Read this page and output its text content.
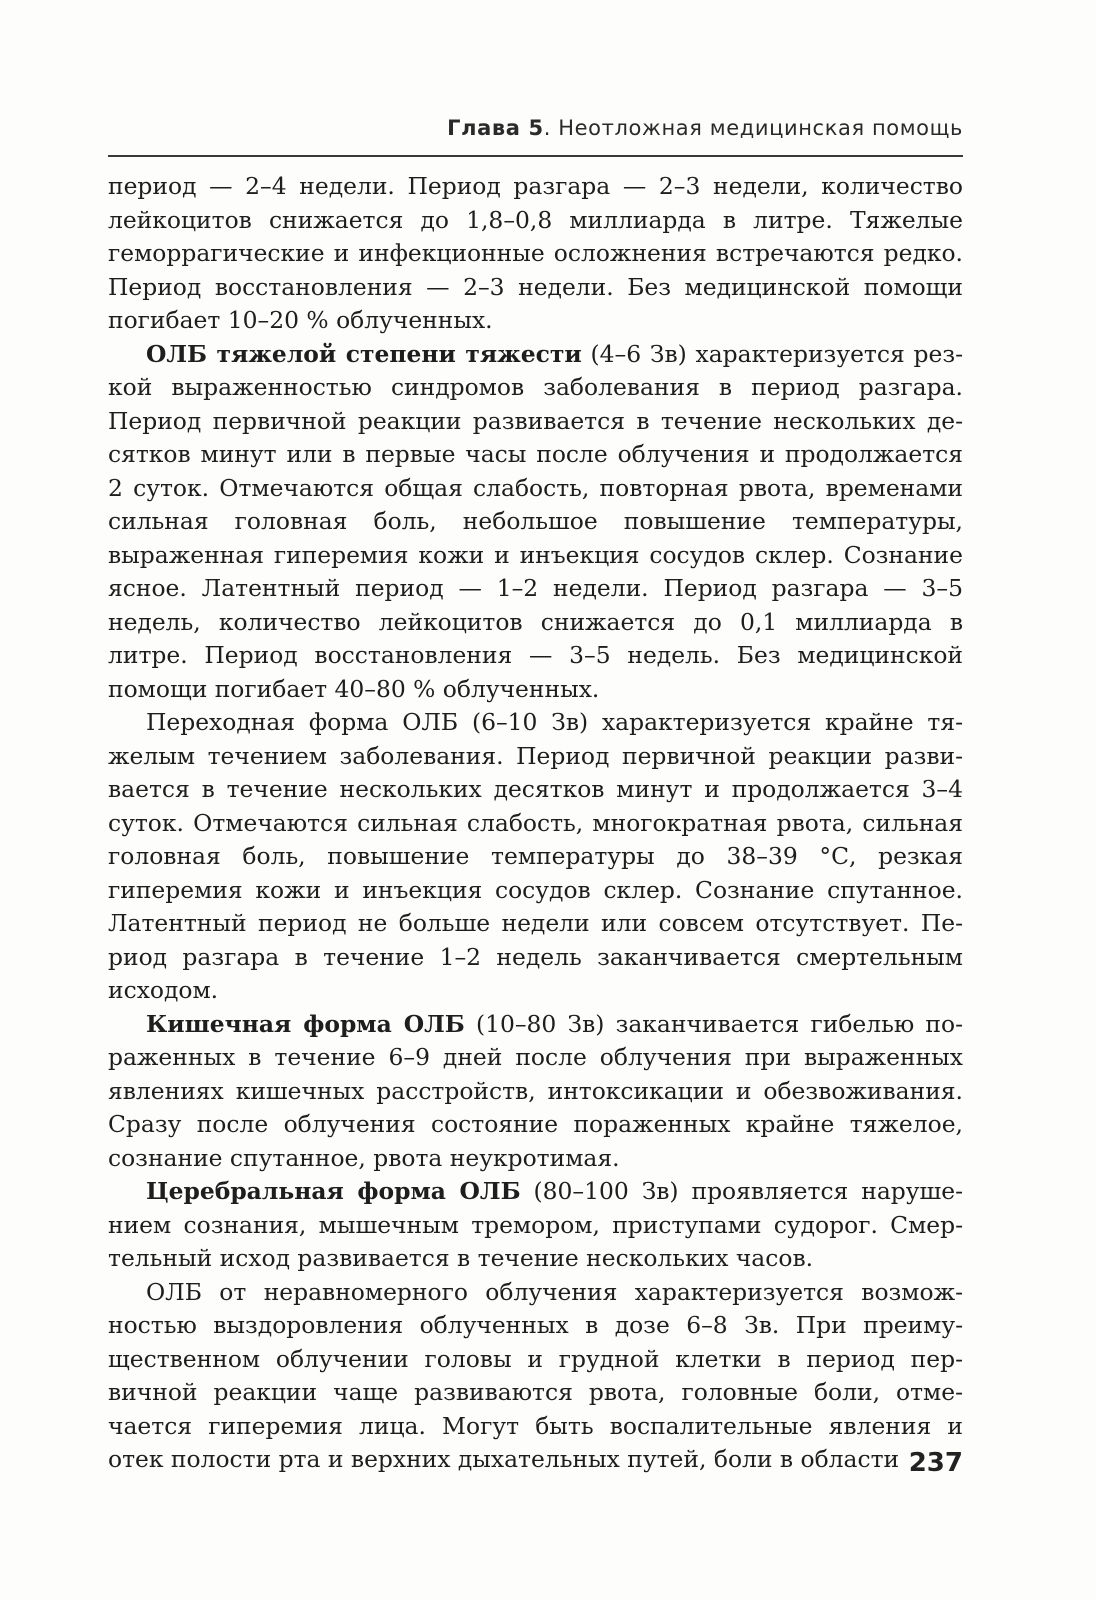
Глава 5. Неотложная медицинская помощь

период — 2–4 недели. Период разгара — 2–3 недели, количество лейкоцитов снижается до 1,8–0,8 миллиарда в литре. Тяжелые геморрагические и инфекционные осложнения встречаются редко. Период восстановления — 2–3 недели. Без медицинской помощи погибает 10–20 % облученных.

ОЛБ тяжелой степени тяжести (4–6 Зв) характеризуется резкой выраженностью синдромов заболевания в период разгара. Период первичной реакции развивается в течение нескольких десятков минут или в первые часы после облучения и продолжается 2 суток. Отмечаются общая слабость, повторная рвота, временами сильная головная боль, небольшое повышение температуры, выраженная гиперемия кожи и инъекция сосудов склер. Сознание ясное. Латентный период — 1–2 недели. Период разгара — 3–5 недель, количество лейкоцитов снижается до 0,1 миллиарда в литре. Период восстановления — 3–5 недель. Без медицинской помощи погибает 40–80 % облученных.

Переходная форма ОЛБ (6–10 Зв) характеризуется крайне тяжелым течением заболевания. Период первичной реакции развивается в течение нескольких десятков минут и продолжается 3–4 суток. Отмечаются сильная слабость, многократная рвота, сильная головная боль, повышение температуры до 38–39 °С, резкая гиперемия кожи и инъекция сосудов склер. Сознание спутанное. Латентный период не больше недели или совсем отсутствует. Период разгара в течение 1–2 недель заканчивается смертельным исходом.

Кишечная форма ОЛБ (10–80 Зв) заканчивается гибелью пораженных в течение 6–9 дней после облучения при выраженных явлениях кишечных расстройств, интоксикации и обезвоживания. Сразу после облучения состояние пораженных крайне тяжелое, сознание спутанное, рвота неукротимая.

Церебральная форма ОЛБ (80–100 Зв) проявляется нарушением сознания, мышечным тремором, приступами судорог. Смертельный исход развивается в течение нескольких часов.

ОЛБ от неравномерного облучения характеризуется возможностью выздоровления облученных в дозе 6–8 Зв. При преимущественном облучении головы и грудной клетки в период первичной реакции чаще развиваются рвота, головные боли, отмечается гиперемия лица. Могут быть воспалительные явления и отек полости рта и верхних дыхательных путей, боли в области 237
